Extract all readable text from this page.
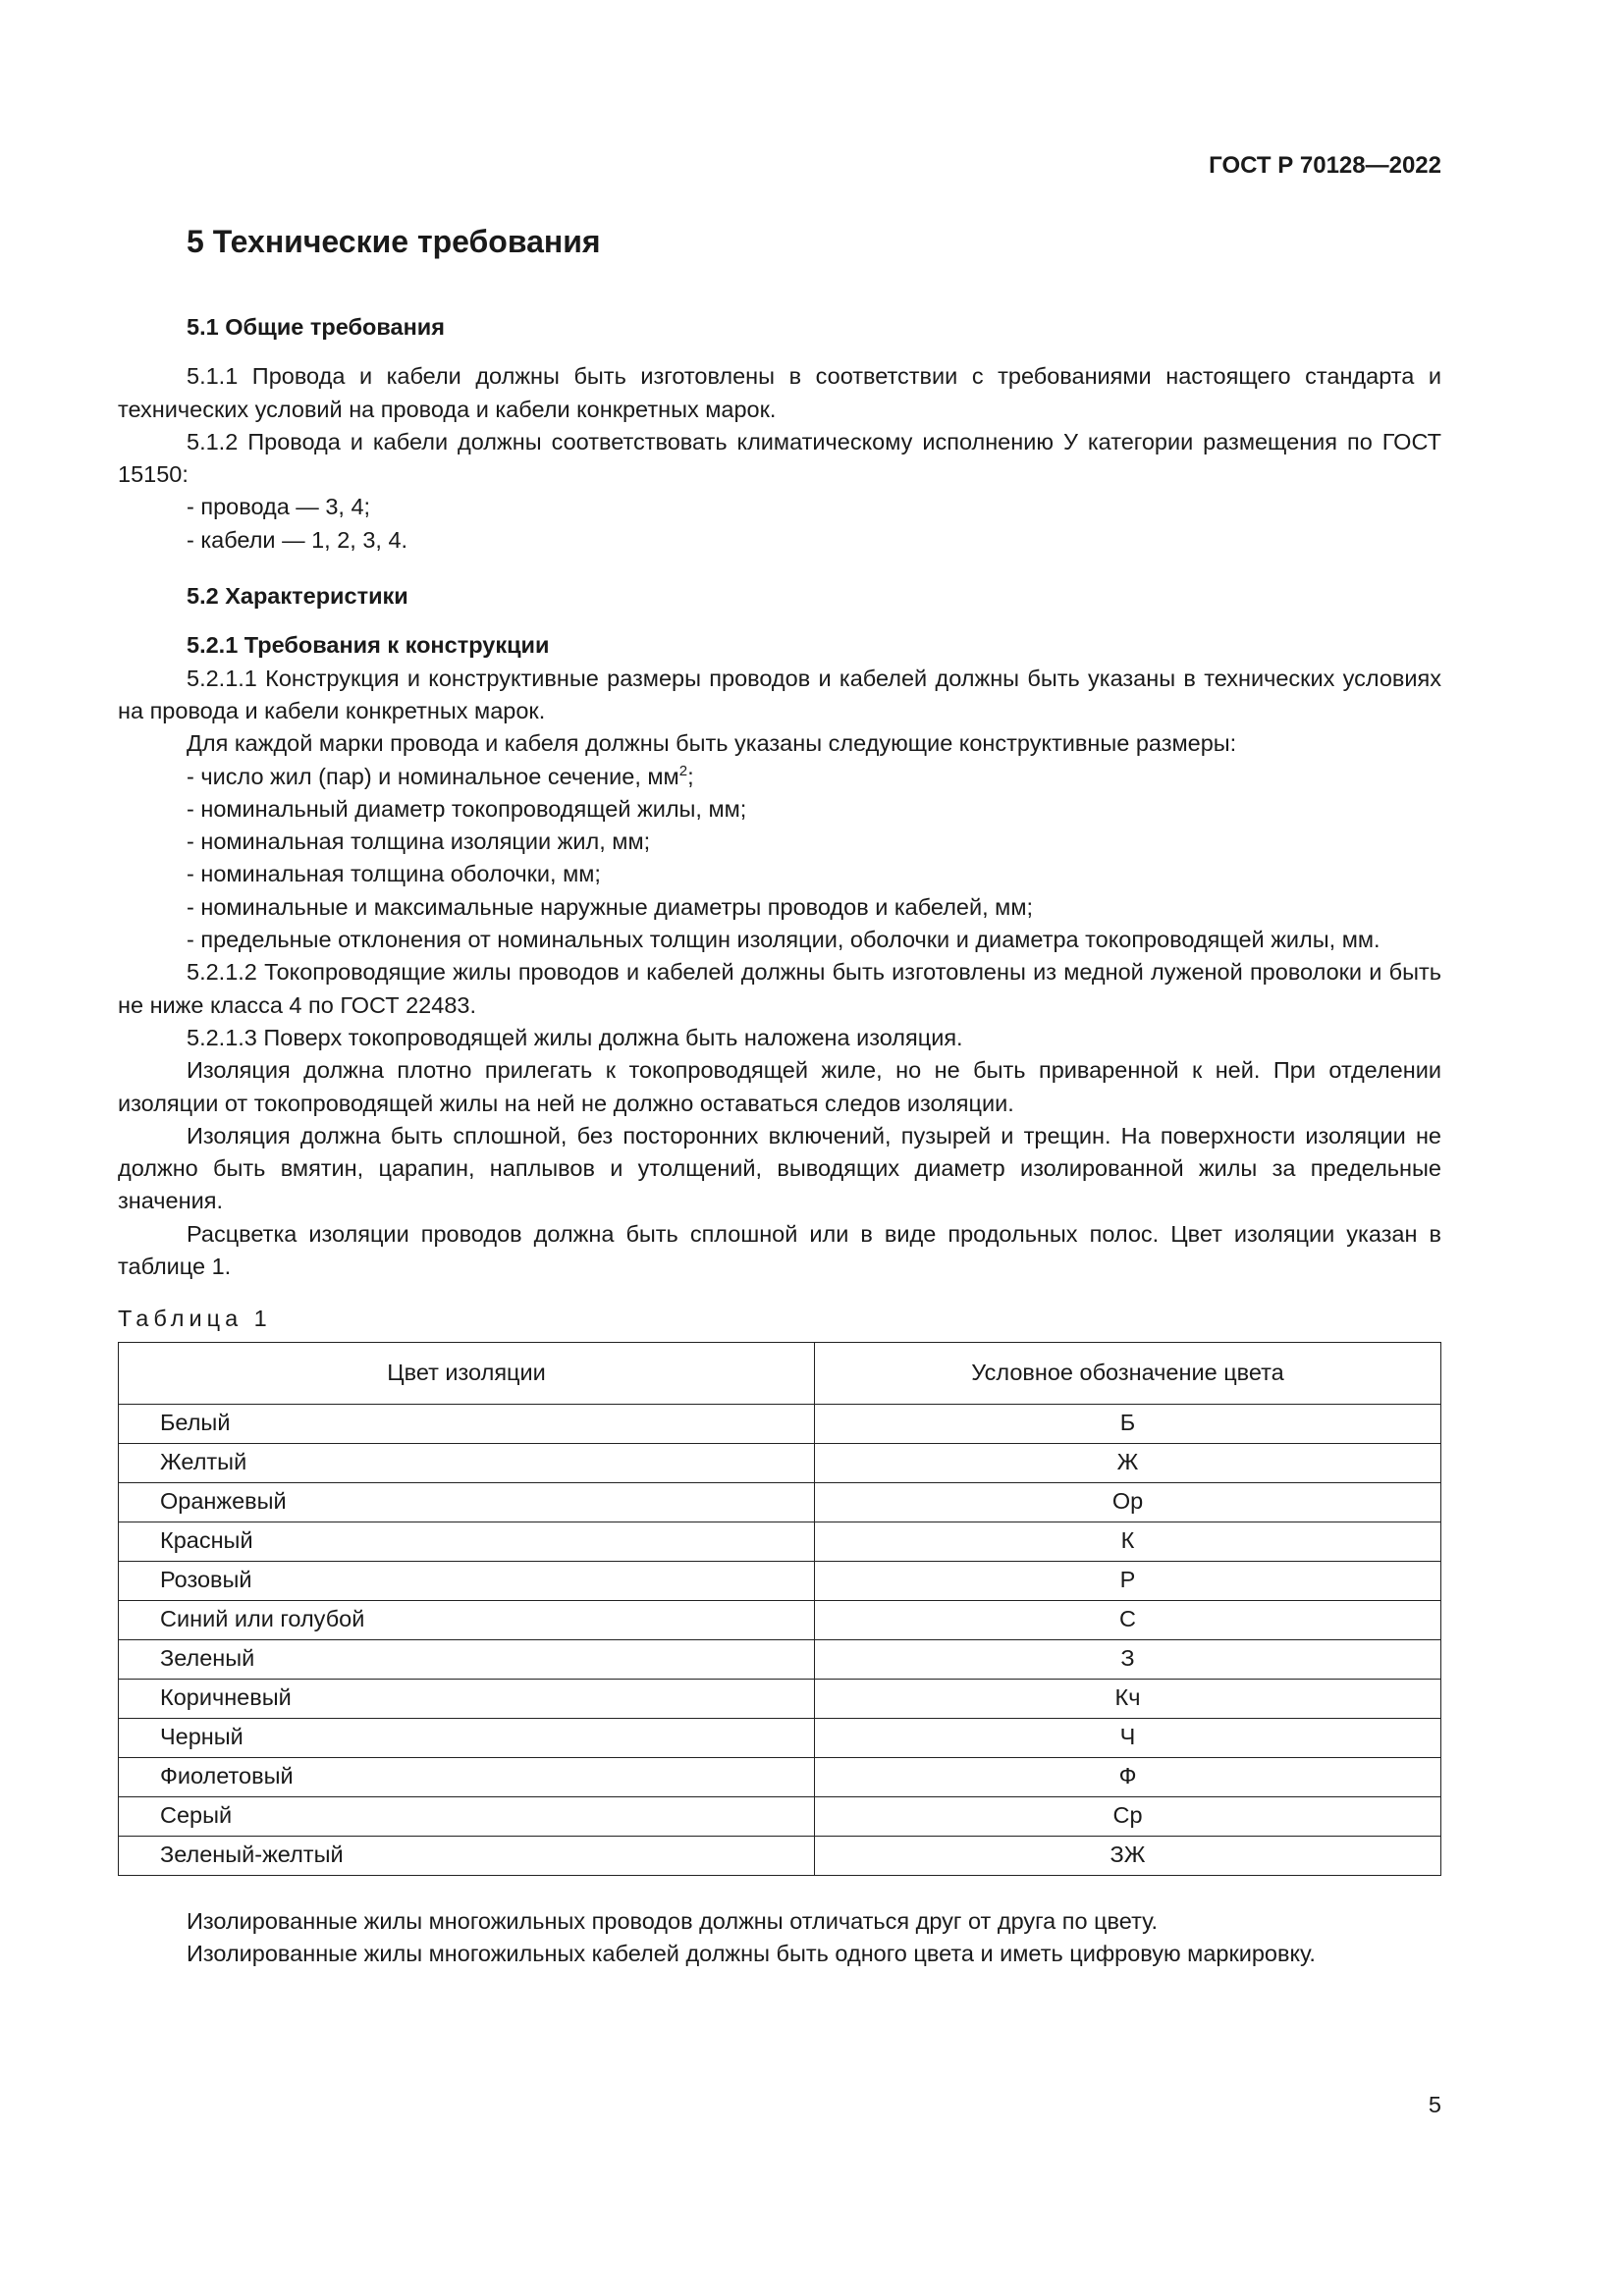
ГОСТ Р 70128—2022
5 Технические требования
5.1 Общие требования

5.1.1 Провода и кабели должны быть изготовлены в соответствии с требованиями настоящего стандарта и технических условий на провода и кабели конкретных марок.

5.1.2 Провода и кабели должны соответствовать климатическому исполнению У категории размещения по ГОСТ 15150:

- провода — 3, 4;
- кабели — 1, 2, 3, 4.
5.2 Характеристики
5.2.1 Требования к конструкции

5.2.1.1 Конструкция и конструктивные размеры проводов и кабелей должны быть указаны в технических условиях на провода и кабели конкретных марок.

Для каждой марки провода и кабеля должны быть указаны следующие конструктивные размеры:

- число жил (пар) и номинальное сечение, $мм^2$;
- номинальный диаметр токопроводящей жилы, мм;
- номинальная толщина изоляции жил, мм;
- номинальная толщина оболочки, мм;
- номинальные и максимальные наружные диаметры проводов и кабелей, мм;
- предельные отклонения от номинальных толщин изоляции, оболочки и диаметра токопроводящей жилы, мм.

5.2.1.2 Токопроводящие жилы проводов и кабелей должны быть изготовлены из медной луженой проволоки и быть не ниже класса 4 по ГОСТ 22483.

5.2.1.3 Поверх токопроводящей жилы должна быть наложена изоляция.

Изоляция должна плотно прилегать к токопроводящей жиле, но не быть приваренной к ней. При отделении изоляции от токопроводящей жилы на ней не должно оставаться следов изоляции.

Изоляция должна быть сплошной, без посторонних включений, пузырей и трещин. На поверхности изоляции не должно быть вмятин, царапин, наплывов и утолщений, выводящих диаметр изолированной жилы за предельные значения.

Расцветка изоляции проводов должна быть сплошной или в виде продольных полос. Цвет изоляции указан в таблице 1.

Таблица 1
Цвет изоляции	Условное обозначение цвета
Белый	Б
Желтый	Ж
Оранжевый	Ор
Красный	К
Розовый	Р
Синий или голубой	С
Зеленый	З
Коричневый	Кч
Черный	Ч
Фиолетовый	Ф
Серый	Ср
Зеленый-желтый	ЗЖ

Изолированные жилы многожильных проводов должны отличаться друг от друга по цвету.

Изолированные жилы многожильных кабелей должны быть одного цвета и иметь цифровую маркировку.

5
